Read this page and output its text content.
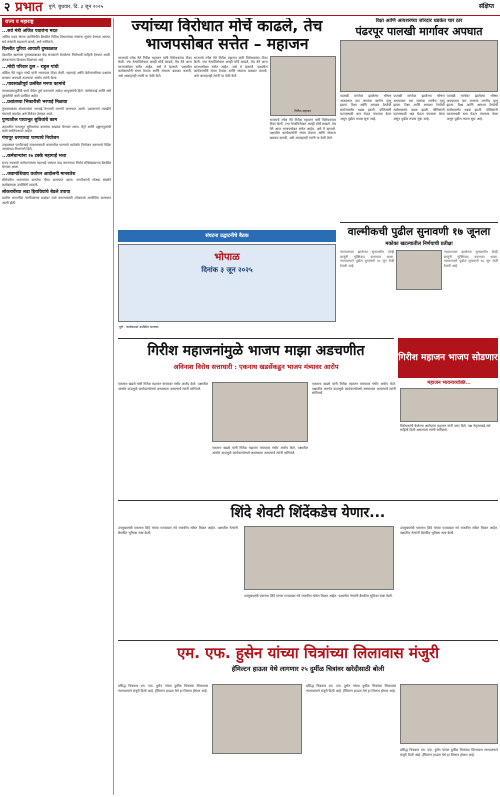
२ प्रभात पुणे, बुधवार, दि. ३ जून २०२५	संक्षिप्त
राज्य व महाराष्ट्र
...सर्व मंत्री अजित पवारांना मदत

अजित पवार यांच्या उपस्थितीत बैठकीत विविध विभागांच्या मंत्र्यांना सूचना देण्यात आल्या. सर्व मंत्र्यांनी सहकार्य करावे, असे सांगितले.

दिल्लीत युरिया आयाती दुष्काळात

देशातील खतांच्या पुरवठ्याबाबत केंद्र सरकारने घेतलेल्या निर्णयाची माहिती देण्यात आली. शेतकऱ्यांना दिलासा मिळणार आहे.

...मोदी परिवार ठूस – राहुल गांधी

काँग्रेस नेते राहुल गांधी यांनी भाजपवर टीका केली. महागाई आणि बेरोजगारीच्या प्रश्नांवर सरकार अपयशी ठरल्याचा आरोप त्यांनी केला.

...पावसाळीपूर्व प्रलंबित मनपा कामांचे

पावसाळ्यापूर्वीची कामे वेळेत पूर्ण करण्याचे आदेश आयुक्तांनी दिले. नालेसफाई आणि रस्ते दुरुस्तीची कामे प्रलंबित आहेत.

...प्रशांतच्या भिकारीशी भरपाई मिळावा

नुकसानग्रस्त शेतकऱ्यांना भरपाई देण्याची मागणी करण्यात आली. प्रशासनाने तातडीने पंचनामे करावेत असे निवेदन देण्यात आले.

पुण्यातील पायाभूत सुविधांचे काम

शहरातील पायाभूत सुविधांच्या कामांचा आढावा घेण्यात आला. मेट्रो आणि उड्डाणपुलांची कामे प्रगतिपथावर आहेत.

गंगापूर धरणाच्या पाण्याचे नियोजन

उन्हाळ्यात पाणीटंचाई टाळण्यासाठी धरणातील पाण्याचे काटेकोर नियोजन करण्याचे निर्देश जलसंपदा विभागाने दिले.

...कर्मचाऱ्यांना १७ टक्के महागाई भत्ता

राज्य सरकारी कर्मचाऱ्यांच्या महागाई भत्त्यात वाढ करण्याचा निर्णय मंत्रिमंडळाच्या बैठकीत घेण्यात आला.

...जवानांशिवाय वर्धापन आदोलनी मानवतेश

सीमेवरील जवानांच्या कार्याचा गौरव करण्यात आला. नागरिकांनी मोठ्या संख्येने कार्यक्रमाला उपस्थिती लावली.

लोकचर्चेच्या लढा हिरावियांचे बेडले उपाया

ग्रामीण भागातील नागरिकांच्या प्रश्नांवर चर्चा करण्यासाठी लोकचर्चा आयोजित करण्यात आली होती.

ज्यांच्या विरोधात मोर्चे काढले, तेच भाजपसोबत सत्तेत – महाजन
भाजपचे ज्येष्ठ नेते गिरीश महाजन यांनी विरोधकांवर टीका केली. ज्या नेत्यांविरोधात आम्ही मोर्चे काढले, तेच नेते आज भाजपसोबत सत्तेत आहेत, असे ते म्हणाले. पक्षातील कार्यकर्त्यांनी संयम ठेवावा आणि संघटना बळकट करावी, असे आवाहनही त्यांनी या वेळी केले.
भाजपचे ज्येष्ठ नेते गिरीश महाजन यांनी विरोधकांवर टीका केली. ज्या नेत्यांविरोधात आम्ही मोर्चे काढले, तेच नेते आज भाजपसोबत सत्तेत आहेत, असे ते म्हणाले. पक्षातील कार्यकर्त्यांनी संयम ठेवावा आणि संघटना बळकट करावी, असे आवाहनही त्यांनी या वेळी केले.
गिरीश महाजन
भाजपचे ज्येष्ठ नेते गिरीश महाजन यांनी विरोधकांवर टीका केली. ज्या नेत्यांविरोधात आम्ही मोर्चे काढले, तेच नेते आज भाजपसोबत सत्तेत आहेत, असे ते म्हणाले. पक्षातील कार्यकर्त्यांनी संयम ठेवावा आणि संघटना बळकट करावी, असे आवाहनही त्यांनी या वेळी केले.
रिक्षा आणि आयशरच्या जोरदार धडकेत चार ठार
पंढरपूर पालखी मार्गावर अपघात
पालखी मार्गावर झालेल्या भीषण अपघातात चार जणांचा जागीच मृत्यू झाला. रिक्षा आणि आयशर टेम्पोची समोरासमोर धडक झाली. पोलिसांनी घटनास्थळी धाव घेऊन पंचनामा केला असून पुढील तपास सुरू आहे.
पालखी मार्गावर झालेल्या भीषण अपघातात चार जणांचा जागीच मृत्यू झाला. रिक्षा आणि आयशर टेम्पोची समोरासमोर धडक झाली. पोलिसांनी घटनास्थळी धाव घेऊन पंचनामा केला असून पुढील तपास सुरू आहे.
पालखी मार्गावर झालेल्या भीषण अपघातात चार जणांचा जागीच मृत्यू झाला. रिक्षा आणि आयशर टेम्पोची समोरासमोर धडक झाली. पोलिसांनी घटनास्थळी धाव घेऊन पंचनामा केला असून पुढील तपास सुरू आहे.
संघटना उद्घाटनीचे बैठक
भोपाळ
दिनांक ३ जून २०२५
पुणे : कार्यक्रमात उपस्थित मान्यवर.
वाल्मीकची पुढील सुनावणी १७ जूनला
मकोका खटल्यातील निर्णयाची प्रतीक्षा
न्यायालयात झालेल्या सुनावणीत दोन्ही बाजूंनी युक्तिवाद करण्यात आला. न्यायालयाने पुढील सुनावणी १७ जून रोजी ठेवली आहे.
न्यायालयात झालेल्या सुनावणीत दोन्ही बाजूंनी युक्तिवाद करण्यात आला. न्यायालयाने पुढील सुनावणी १७ जून रोजी ठेवली आहे.
गिरीश महाजनांमुळे भाजप माझा अडचणीत
अविनाश विरोध सत्ताधारी : एकनाथ खडसेंकडून भाजप मंत्र्यावर आरोप
गिरीश महाजन भाजप सोडणार
एकनाथ खडसे यांनी गिरीश महाजन यांच्यावर गंभीर आरोप केले. पक्षातील अंतर्गत वादामुळे कार्यकर्त्यांमध्ये अस्वस्थता असल्याचे त्यांनी सांगितले.
एकनाथ खडसे यांनी गिरीश महाजन यांच्यावर गंभीर आरोप केले. पक्षातील अंतर्गत वादामुळे कार्यकर्त्यांमध्ये अस्वस्थता असल्याचे त्यांनी सांगितले.
एकनाथ खडसे यांनी गिरीश महाजन यांच्यावर गंभीर आरोप केले. पक्षातील अंतर्गत वादामुळे कार्यकर्त्यांमध्ये अस्वस्थता असल्याचे त्यांनी सांगितले.
महाजन भावनाव्यक्ति...
विरोधकांनी केलेल्या आरोपांना महाजन यांनी उत्तर दिले. पक्ष नेतृत्वाकडे सर्व माहिती दिली असल्याचे त्यांनी सांगितले.
शिंदे शेवटी शिंदेंकडेच येणार...
उपमुख्यमंत्री एकनाथ शिंदे यांच्या गटाबाबत नवे राजकीय संकेत मिळत आहेत. पक्षातील नेत्यांनी बैठकीत भूमिका स्पष्ट केली.
उपमुख्यमंत्री एकनाथ शिंदे यांच्या गटाबाबत नवे राजकीय संकेत मिळत आहेत. पक्षातील नेत्यांनी बैठकीत भूमिका स्पष्ट केली.
उपमुख्यमंत्री एकनाथ शिंदे यांच्या गटाबाबत नवे राजकीय संकेत मिळत आहेत. पक्षातील नेत्यांनी बैठकीत भूमिका स्पष्ट केली.
एम. एफ. हुसेन यांच्या चित्रांच्या लिलावास मंजुरी
हॅमिल्टन हाऊस येथे लागणार २५ दुर्मीळ चित्रांवर खरेदीसाठी बोली
प्रसिद्ध चित्रकार एम. एफ. हुसेन यांच्या दुर्मीळ चित्रांच्या लिलावास न्यायालयाने मंजुरी दिली आहे. हॅमिल्टन हाऊस येथे हा लिलाव होणार आहे.
प्रसिद्ध चित्रकार एम. एफ. हुसेन यांच्या दुर्मीळ चित्रांच्या लिलावास न्यायालयाने मंजुरी दिली आहे. हॅमिल्टन हाऊस येथे हा लिलाव होणार आहे.
प्रसिद्ध चित्रकार एम. एफ. हुसेन यांच्या दुर्मीळ चित्रांच्या लिलावास न्यायालयाने मंजुरी दिली आहे. हॅमिल्टन हाऊस येथे हा लिलाव होणार आहे.
